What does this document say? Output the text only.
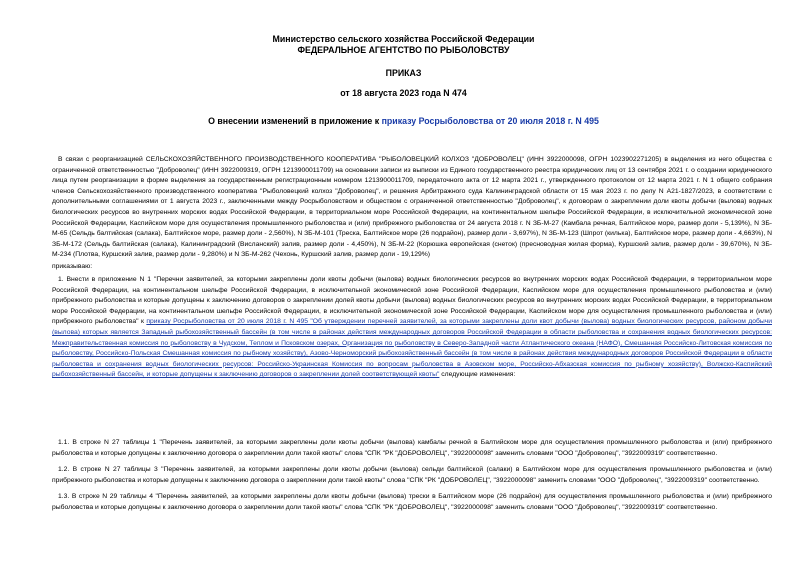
Министерство сельского хозяйства Российской Федерации
ФЕДЕРАЛЬНОЕ АГЕНТСТВО ПО РЫБОЛОВСТВУ
ПРИКАЗ
от 18 августа 2023 года N 474
О внесении изменений в приложение к приказу Росрыболовства от 20 июля 2018 г. N 495
В связи с реорганизацией СЕЛЬСКОХОЗЯЙСТВЕННОГО ПРОИЗВОДСТВЕННОГО КООПЕРАТИВА "РЫБОЛОВЕЦКИЙ КОЛХОЗ "ДОБРОВОЛЕЦ" (ИНН 3922000098, ОГРН 1023902271205) в выделения из него общества с ограниченной ответственностью "Доброволец" (ИНН 3922009319, ОГРН 1213900011709) на основании записи из выписки из Единого государственного реестра юридических лиц от 13 сентября 2021 г. о создании юридического лица путем реорганизации в форме выделения за государственным регистрационным номером 1213900011709, передаточного акта от 12 марта 2021 г., утвержденного протоколом от 12 марта 2021 г. N 1 общего собрания членов Сельскохозяйственного производственного кооператива "Рыболовецкий колхоз "Доброволец", и решения Арбитражного суда Калининградской области от 15 мая 2023 г. по делу N А21-1827/2023, в соответствии с дополнительными соглашениями от 1 августа 2023 г., заключенными между Росрыболовством и обществом с ограниченной ответственностью "Доброволец", к договорам о закреплении доли квоты добычи (вылова) водных биологических ресурсов во внутренних морских водах Российской Федерации, в территориальном море Российской Федерации, на континентальном шельфе Российской Федерации, в исключительной экономической зоне Российской Федерации, Каспийском море для осуществления промышленного рыболовства и (или) прибрежного рыболовства от 24 августа 2018 г. N ЗБ-М-27 (Камбала речная, Балтийское море, размер доли - 5,139%), N ЗБ-М-65 (Сельдь балтийская (салака), Балтийское море, размер доли - 2,560%), N ЗБ-М-101 (Треска, Балтийское море (26 подрайон), размер доли - 3,697%), N ЗБ-М-123 (Шпрот (килька), Балтийское море, размер доли - 4,663%), N ЗБ-М-172 (Сельдь балтийская (салака), Калининградский (Висланский) залив, размер доли - 4,450%), N ЗБ-М-22 (Корюшка европейская (снеток) (пресноводная жилая форма), Куршский залив, размер доли - 39,670%), N ЗБ-М-234 (Плотва, Куршский залив, размер доли - 9,280%) и N ЗБ-М-262 (Чехонь, Куршский залив, размер доли - 19,129%)
приказываю:
1. Внести в приложение N 1 "Перечни заявителей, за которыми закреплены доли квоты добычи (вылова) водных биологических ресурсов во внутренних морских водах Российской Федерации, в территориальном море Российской Федерации, на континентальном шельфе Российской Федерации, в исключительной экономической зоне Российской Федерации, Каспийском море для осуществления промышленного рыболовства и (или) прибрежного рыболовства и которые допущены к заключению договоров о закреплении долей квоты добычи (вылова) водных биологических ресурсов во внутренних морских водах Российской Федерации, в территориальном море Российской Федерации, на континентальном шельфе Российской Федерации, в исключительной экономической зоне Российской Федерации, Каспийском море для осуществления промышленного рыболовства и (или) прибрежного рыболовства" к приказу Росрыболовства от 20 июля 2018 г. N 495 "Об утверждении перечней заявителей, за которыми закреплены доли квот добычи (вылова) водных биологических ресурсов, районом добычи (вылова) которых является Западный рыбохозяйственный бассейн (в том числе в районах действия международных договоров Российской Федерации в области рыболовства и сохранения водных биологических ресурсов: Межправительственная комиссия по рыболовству в Чудском, Теплом и Псковском озерах, Организация по рыболовству в Северо-Западной части Атлантического океана (НАФО), Смешанная Российско-Литовская комиссия по рыболовству, Российско-Польская Смешанная комиссия по рыбному хозяйству), Азово-Черноморский рыбохозяйственный бассейн (в том числе в районах действия международных договоров Российской Федерации в области рыболовства и сохранения водных биологических ресурсов: Российско-Украинская Комиссия по вопросам рыболовства в Азовском море, Российско-Абхазская комиссия по рыбному хозяйству), Волжско-Каспийский рыбохозяйственный бассейн, и которые допущены к заключению договоров о закреплении долей соответствующей квоты" следующие изменения:
1.1. В строке N 27 таблицы 1 "Перечень заявителей, за которыми закреплены доли квоты добычи (вылова) камбалы речной в Балтийском море для осуществления промышленного рыболовства и (или) прибрежного рыболовства и которые допущены к заключению договора о закреплении доли такой квоты" слова "СПК "РК "ДОБРОВОЛЕЦ", "3922000098" заменить словами "ООО "Доброволец", "3922009319" соответственно.
1.2. В строке N 27 таблицы 3 "Перечень заявителей, за которыми закреплены доли квоты добычи (вылова) сельди балтийской (салаки) в Балтийском море для осуществления промышленного рыболовства и (или) прибрежного рыболовства и которые допущены к заключению договора о закреплении доли такой квоты" слова "СПК "РК "ДОБРОВОЛЕЦ", "3922000098" заменить словами "ООО "Доброволец", "3922009319" соответственно.
1.3. В строке N 29 таблицы 4 "Перечень заявителей, за которыми закреплены доли квоты добычи (вылова) трески в Балтийском море (26 подрайон) для осуществления промышленного рыболовства и (или) прибрежного рыболовства и которые допущены к заключению договора о закреплении доли такой квоты" слова "СПК "РК "ДОБРОВОЛЕЦ", "3922000098" заменить словами "ООО "Доброволец", "3922009319" соответственно.
